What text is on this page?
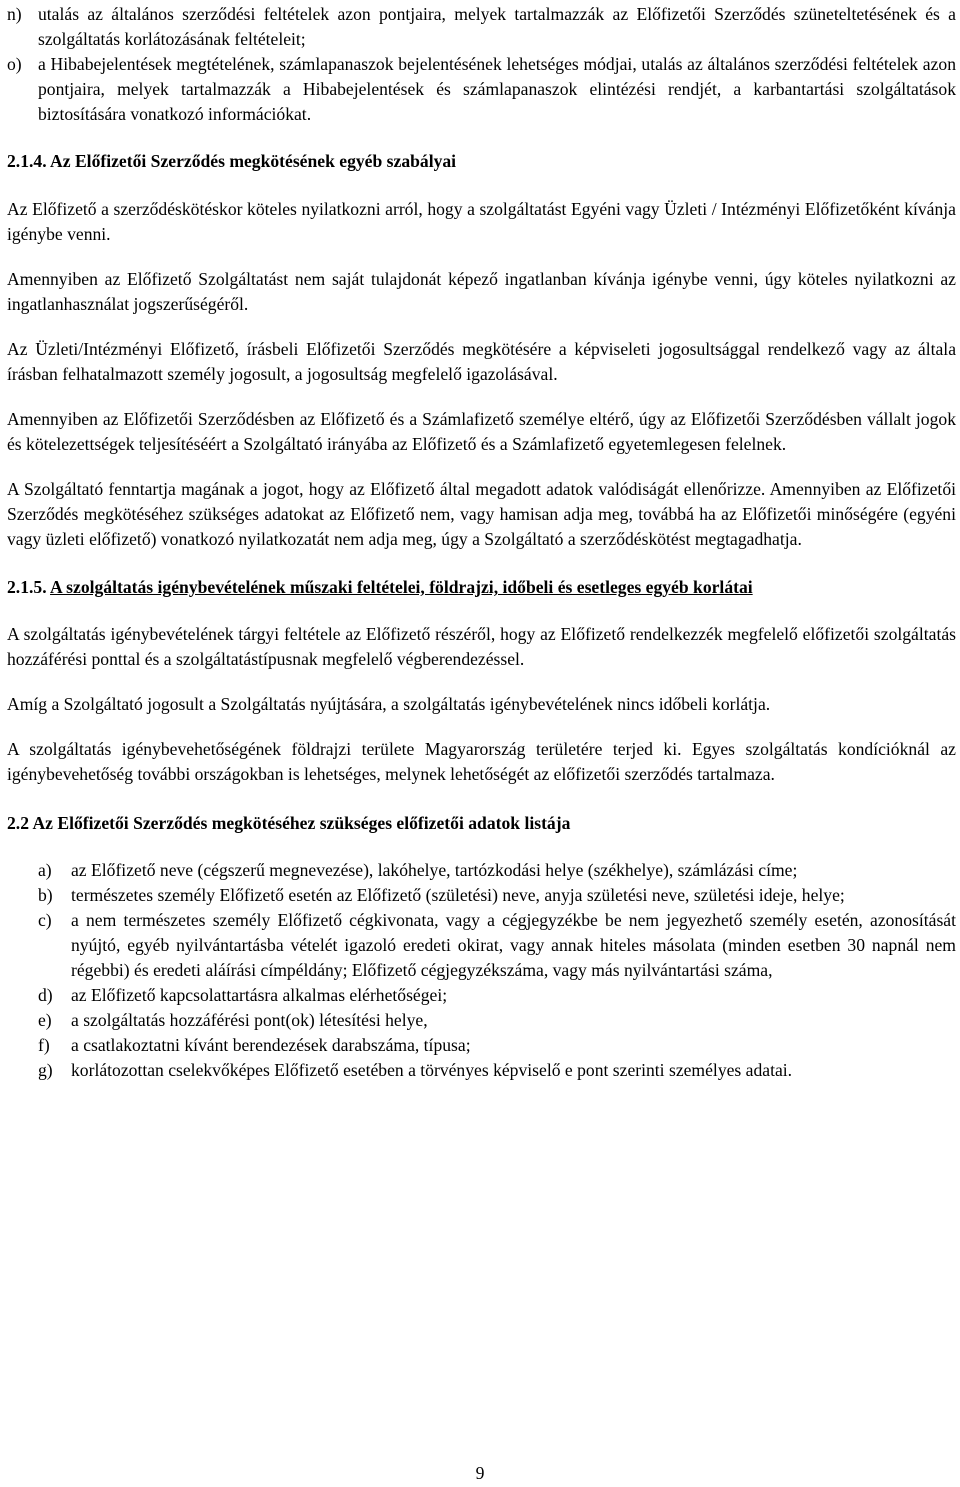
n) utalás az általános szerződési feltételek azon pontjaira, melyek tartalmazzák az Előfizetői Szerződés szüneteltetésének és a szolgáltatás korlátozásának feltételeit;

o) a Hibabejelentések megtételének, számlapanaszok bejelentésének lehetséges módjai, utalás az általános szerződési feltételek azon pontjaira, melyek tartalmazzák a Hibabejelentések és számlapanaszok elintézési rendjét, a karbantartási szolgáltatások biztosítására vonatkozó információkat.

2.1.4. Az Előfizetői Szerződés megkötésének egyéb szabályai

Az Előfizető a szerződéskötéskor köteles nyilatkozni arról, hogy a szolgáltatást Egyéni vagy Üzleti / Intézményi Előfizetőként kívánja igénybe venni.

Amennyiben az Előfizető Szolgáltatást nem saját tulajdonát képező ingatlanban kívánja igénybe venni, úgy köteles nyilatkozni az ingatlanhasználat jogszerűségéről.

Az Üzleti/Intézményi Előfizető, írásbeli Előfizetői Szerződés megkötésére a képviseleti jogosultsággal rendelkező vagy az általa írásban felhatalmazott személy jogosult, a jogosultság megfelelő igazolásával.

Amennyiben az Előfizetői Szerződésben az Előfizető és a Számlafizető személye eltérő, úgy az Előfizetői Szerződésben vállalt jogok és kötelezettségek teljesítéséért a Szolgáltató irányába az Előfizető és a Számlafizető egyetemlegesen felelnek.

A Szolgáltató fenntartja magának a jogot, hogy az Előfizető által megadott adatok valódiságát ellenőrizze. Amennyiben az Előfizetői Szerződés megkötéséhez szükséges adatokat az Előfizető nem, vagy hamisan adja meg, továbbá ha az Előfizetői minőségére (egyéni vagy üzleti előfizető) vonatkozó nyilatkozatát nem adja meg, úgy a Szolgáltató a szerződéskötést megtagadhatja.

2.1.5. A szolgáltatás igénybevételének műszaki feltételei, földrajzi, időbeli és esetleges egyéb korlátai

A szolgáltatás igénybevételének tárgyi feltétele az Előfizető részéről, hogy az Előfizető rendelkezzék megfelelő előfizetői szolgáltatás hozzáférési ponttal és a szolgáltatástípusnak megfelelő végberendezéssel.

Amíg a Szolgáltató jogosult a Szolgáltatás nyújtására, a szolgáltatás igénybevételének nincs időbeli korlátja.

A szolgáltatás igénybevehetőségének földrajzi területe Magyarország területére terjed ki. Egyes szolgáltatás kondícióknál az igénybevehetőség további országokban is lehetséges, melynek lehetőségét az előfizetői szerződés tartalmaza.

2.2 Az Előfizetői Szerződés megkötéséhez szükséges előfizetői adatok listája

a)	az Előfizető neve (cégszerű megnevezése), lakóhelye, tartózkodási helye (székhelye), számlázási címe;

b)	természetes személy Előfizető esetén az Előfizető (születési) neve, anyja születési neve, születési ideje, helye;

c)	a nem természetes személy Előfizető cégkivonata, vagy a cégjegyzékbe be nem jegyezhető személy esetén, azonosítását nyújtó, egyéb nyilvántartásba vételét igazoló eredeti okirat, vagy annak hiteles másolata (minden esetben 30 napnál nem régebbi) és eredeti aláírási címpéldány; Előfizető cégjegyzékszáma, vagy más nyilvántartási száma,

d)	az Előfizető kapcsolattartásra alkalmas elérhetőségei;

e)	a szolgáltatás hozzáférési pont(ok) létesítési helye,

f)	a csatlakoztatni kívánt berendezések darabszáma, típusa;

g)	korlátozottan cselekvőképes Előfizető esetében a törvényes képviselő e pont szerinti személyes adatai.

9
